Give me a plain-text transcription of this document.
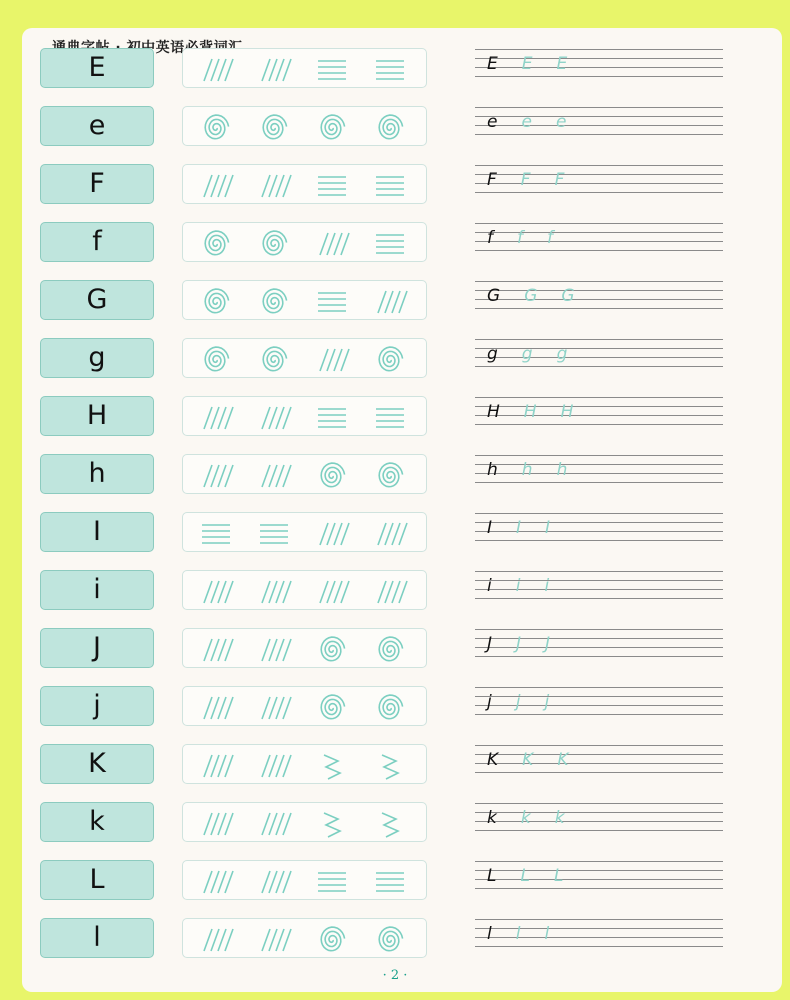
E	E E E
e	e e e
F	F F F
f	f f f
G	G G G
g	g g g
H	H H H
h	h h h
I	I I I
i	i i i
J	J J J
j	j j j
K	K K K
k	k k k
L	L L L
l	l l l
· 2 ·
